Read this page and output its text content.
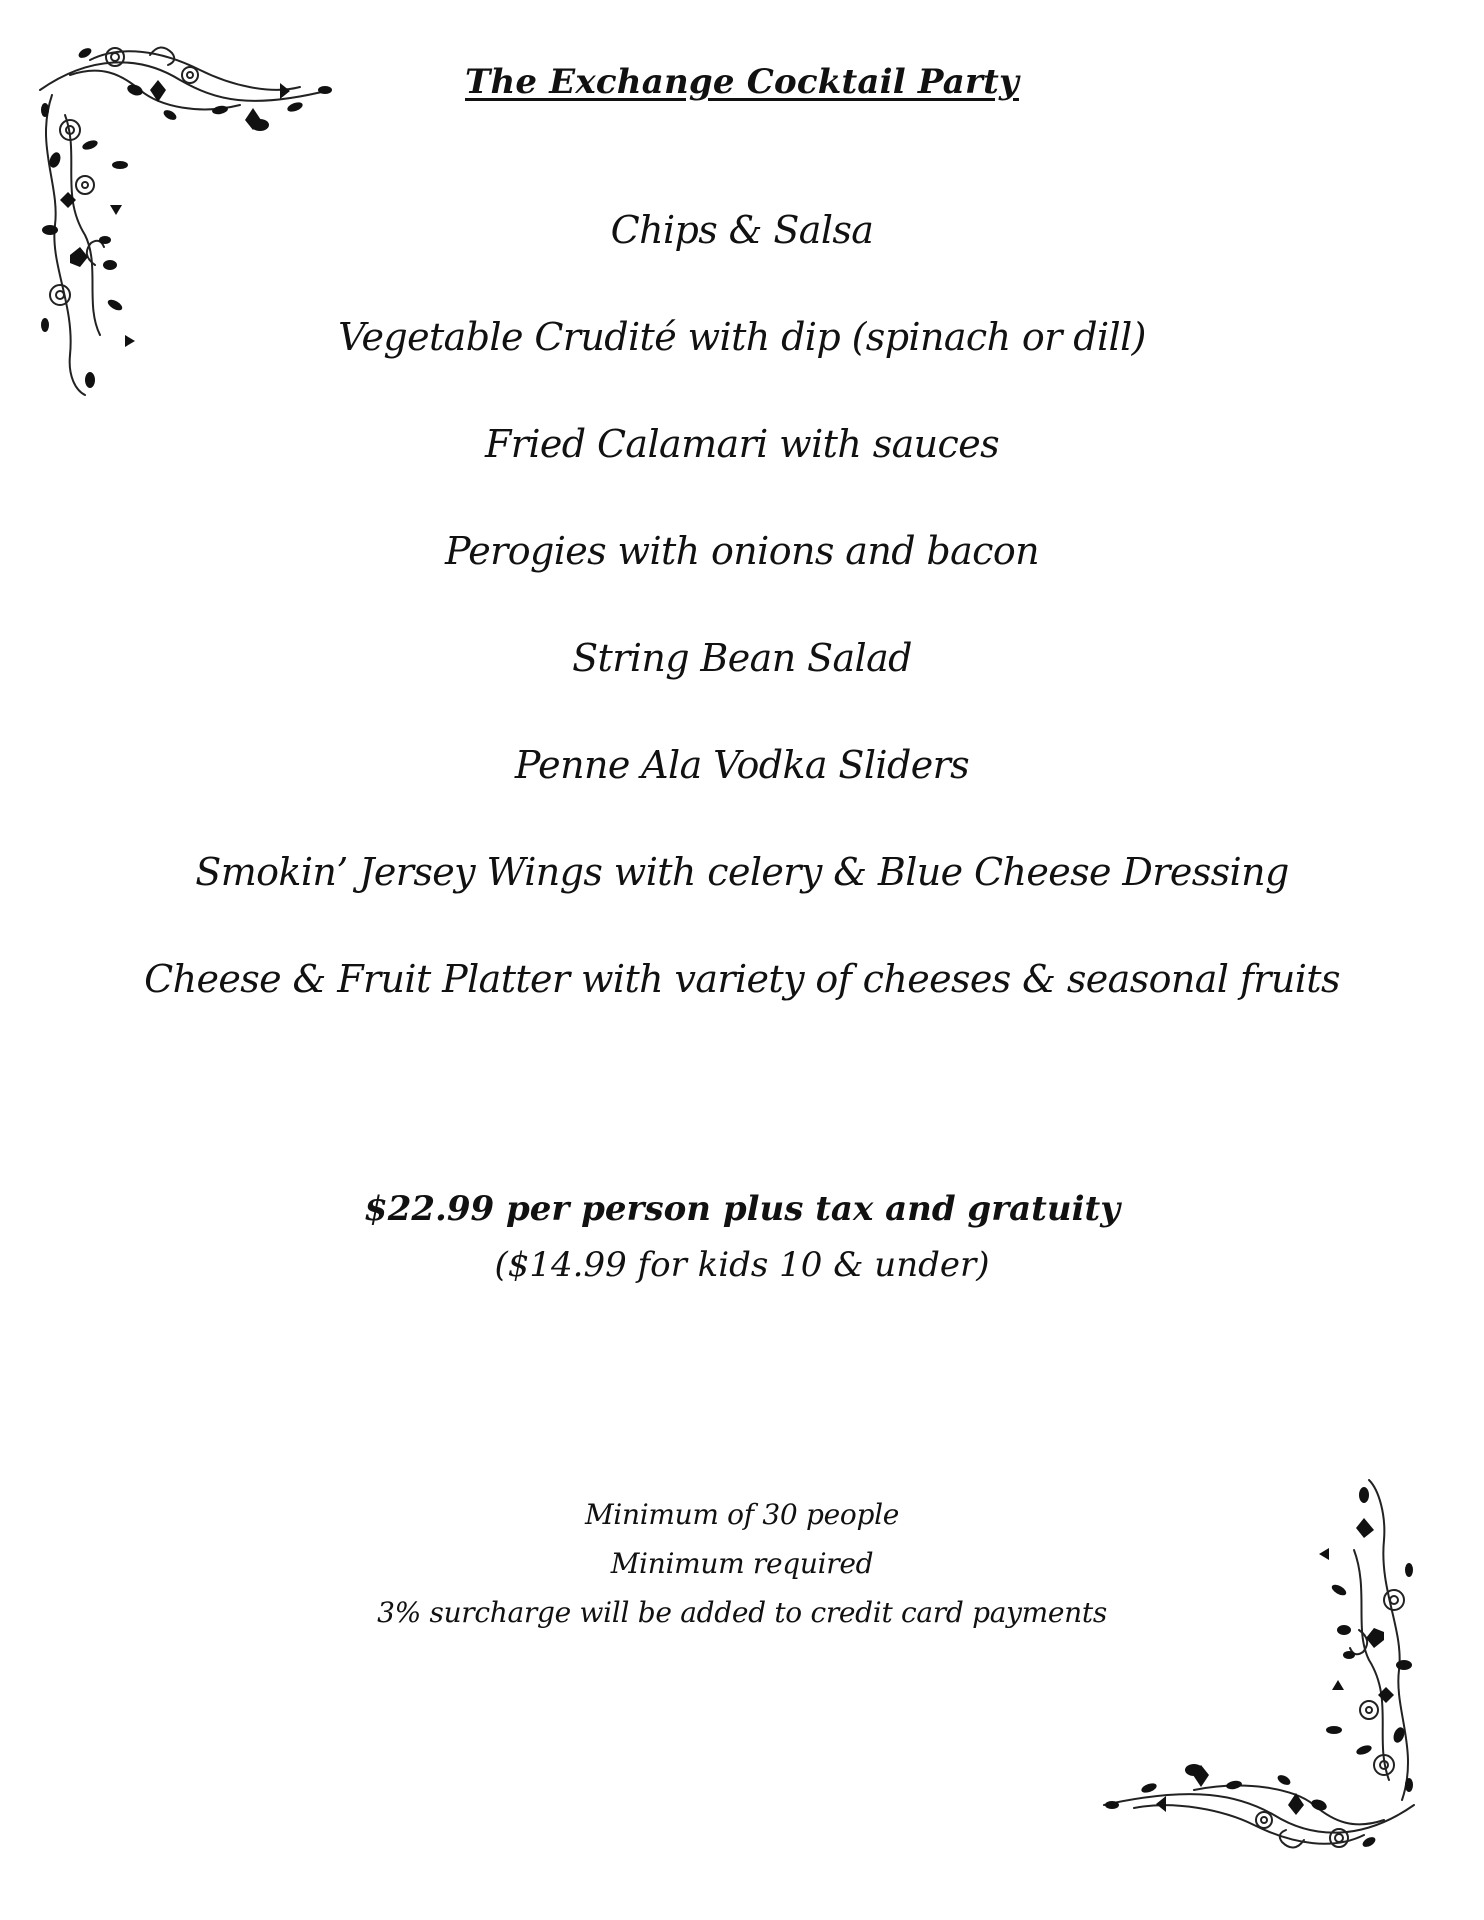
The Exchange Cocktail Party
Chips & Salsa
Vegetable Crudité with dip (spinach or dill)
Fried Calamari with sauces
Perogies with onions and bacon
String Bean Salad
Penne Ala Vodka Sliders
Smokin’ Jersey Wings with celery & Blue Cheese Dressing
Cheese & Fruit Platter with variety of cheeses & seasonal fruits
$22.99 per person plus tax and gratuity
($14.99 for kids 10 & under)
Minimum of 30 people
Minimum required
3% surcharge will be added to credit card payments
